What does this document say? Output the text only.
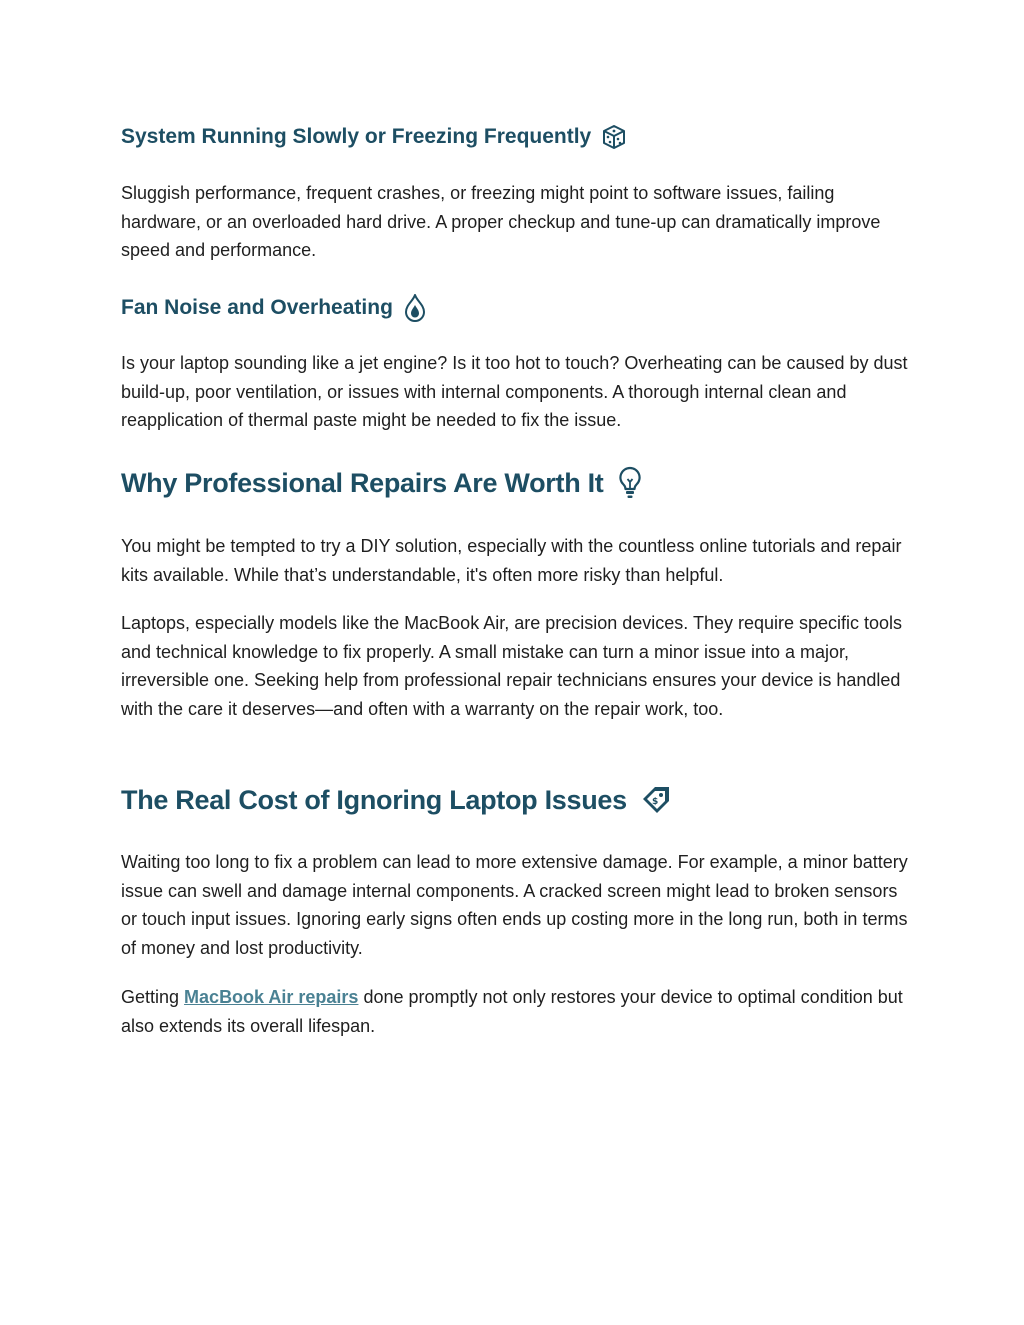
System Running Slowly or Freezing Frequently

Sluggish performance, frequent crashes, or freezing might point to software issues, failing hardware, or an overloaded hard drive. A proper checkup and tune-up can dramatically improve speed and performance.

Fan Noise and Overheating

Is your laptop sounding like a jet engine? Is it too hot to touch? Overheating can be caused by dust build-up, poor ventilation, or issues with internal components. A thorough internal clean and reapplication of thermal paste might be needed to fix the issue.

Why Professional Repairs Are Worth It

You might be tempted to try a DIY solution, especially with the countless online tutorials and repair kits available. While that’s understandable, it's often more risky than helpful.

Laptops, especially models like the MacBook Air, are precision devices. They require specific tools and technical knowledge to fix properly. A small mistake can turn a minor issue into a major, irreversible one. Seeking help from professional repair technicians ensures your device is handled with the care it deserves—and often with a warranty on the repair work, too.

The Real Cost of Ignoring Laptop Issues	$

Waiting too long to fix a problem can lead to more extensive damage. For example, a minor battery issue can swell and damage internal components. A cracked screen might lead to broken sensors or touch input issues. Ignoring early signs often ends up costing more in the long run, both in terms of money and lost productivity.

Getting MacBook Air repairs done promptly not only restores your device to optimal condition but also extends its overall lifespan.
